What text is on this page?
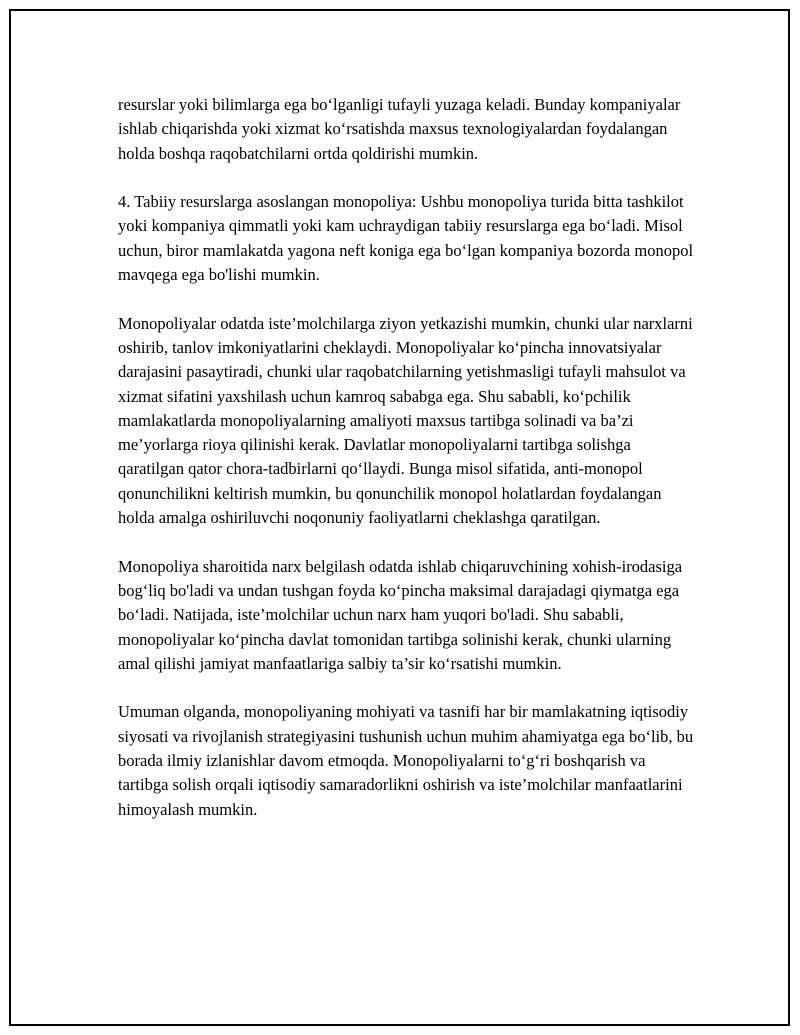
resurslar yoki bilimlarga ega bo‘lganligi tufayli yuzaga keladi. Bunday kompaniyalar ishlab chiqarishda yoki xizmat ko‘rsatishda maxsus texnologiyalardan foydalangan holda boshqa raqobatchilarni ortda qoldirishi mumkin.

4. Tabiiy resurslarga asoslangan monopoliya: Ushbu monopoliya turida bitta tashkilot yoki kompaniya qimmatli yoki kam uchraydigan tabiiy resurslarga ega bo‘ladi. Misol uchun, biror mamlakatda yagona neft koniga ega bo‘lgan kompaniya bozorda monopol mavqega ega bo'lishi mumkin.

Monopoliyalar odatda iste’molchilarga ziyon yetkazishi mumkin, chunki ular narxlarni oshirib, tanlov imkoniyatlarini cheklaydi. Monopoliyalar ko‘pincha innovatsiyalar darajasini pasaytiradi, chunki ular raqobatchilarning yetishmasligi tufayli mahsulot va xizmat sifatini yaxshilash uchun kamroq sababga ega. Shu sababli, ko‘pchilik mamlakatlarda monopoliyalarning amaliyoti maxsus tartibga solinadi va ba’zi me’yorlarga rioya qilinishi kerak. Davlatlar monopoliyalarni tartibga solishga qaratilgan qator chora-tadbirlarni qo‘llaydi. Bunga misol sifatida, anti-monopol qonunchilikni keltirish mumkin, bu qonunchilik monopol holatlardan foydalangan holda amalga oshiriluvchi noqonuniy faoliyatlarni cheklashga qaratilgan.

Monopoliya sharoitida narx belgilash odatda ishlab chiqaruvchining xohish-irodasiga bog‘liq bo'ladi va undan tushgan foyda ko‘pincha maksimal darajadagi qiymatga ega bo‘ladi. Natijada, iste’molchilar uchun narx ham yuqori bo'ladi. Shu sababli, monopoliyalar ko‘pincha davlat tomonidan tartibga solinishi kerak, chunki ularning amal qilishi jamiyat manfaatlariga salbiy ta’sir ko‘rsatishi mumkin.

Umuman olganda, monopoliyaning mohiyati va tasnifi har bir mamlakatning iqtisodiy siyosati va rivojlanish strategiyasini tushunish uchun muhim ahamiyatga ega bo‘lib, bu borada ilmiy izlanishlar davom etmoqda. Monopoliyalarni to‘g‘ri boshqarish va tartibga solish orqali iqtisodiy samaradorlikni oshirish va iste’molchilar manfaatlarini himoyalash mumkin.
